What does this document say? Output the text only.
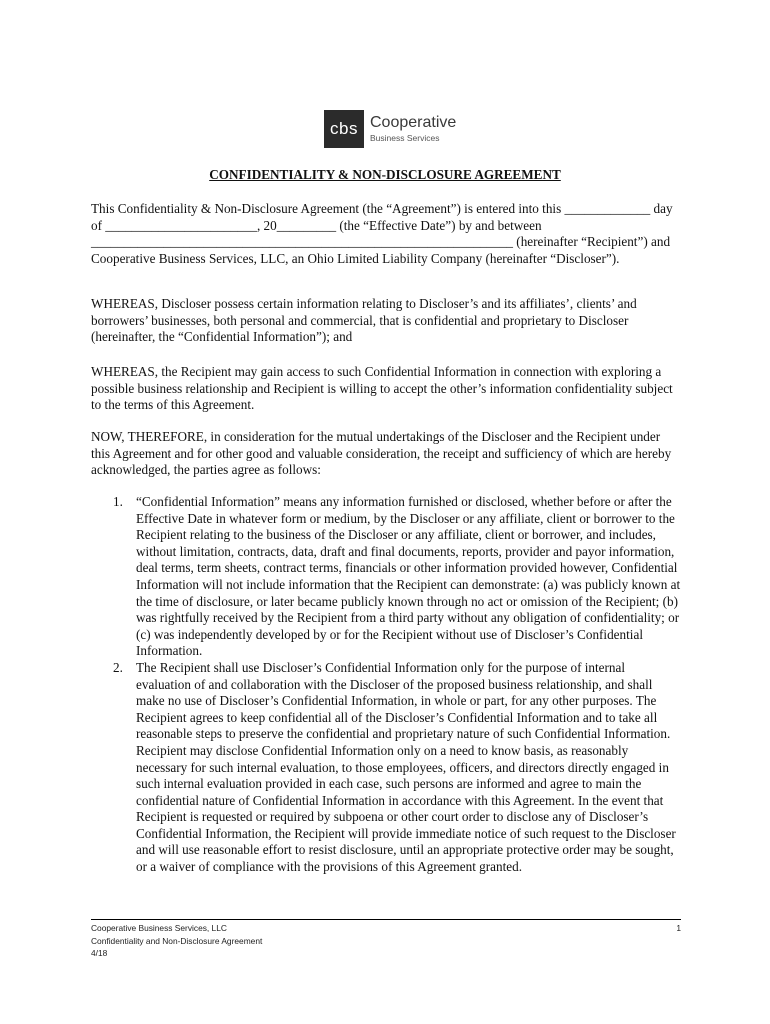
cbs Cooperative
Business Services
CONFIDENTIALITY & NON-DISCLOSURE AGREEMENT

This Confidentiality & Non-Disclosure Agreement (the “Agreement”) is entered into this _____________ day of _______________________, 20_________ (the “Effective Date”) by and between ________________________________________________________________ (hereinafter “Recipient”) and Cooperative Business Services, LLC, an Ohio Limited Liability Company (hereinafter “Discloser”).

WHEREAS, Discloser possess certain information relating to Discloser’s and its affiliates’, clients’ and borrowers’ businesses, both personal and commercial, that is confidential and proprietary to Discloser (hereinafter, the “Confidential Information”); and

WHEREAS, the Recipient may gain access to such Confidential Information in connection with exploring a possible business relationship and Recipient is willing to accept the other’s information confidentiality subject to the terms of this Agreement.

NOW, THEREFORE, in consideration for the mutual undertakings of the Discloser and the Recipient under this Agreement and for other good and valuable consideration, the receipt and sufficiency of which are hereby acknowledged, the parties agree as follows:

1. “Confidential Information” means any information furnished or disclosed, whether before or after the Effective Date in whatever form or medium, by the Discloser or any affiliate, client or borrower to the Recipient relating to the business of the Discloser or any affiliate, client or borrower, and includes, without limitation, contracts, data, draft and final documents, reports, provider and payor information, deal terms, term sheets, contract terms, financials or other information provided however, Confidential Information will not include information that the Recipient can demonstrate: (a) was publicly known at the time of disclosure, or later became publicly known through no act or omission of the Recipient; (b) was rightfully received by the Recipient from a third party without any obligation of confidentiality; or (c) was independently developed by or for the Recipient without use of Discloser’s Confidential Information.
2. The Recipient shall use Discloser’s Confidential Information only for the purpose of internal evaluation of and collaboration with the Discloser of the proposed business relationship, and shall make no use of Discloser’s Confidential Information, in whole or part, for any other purposes. The Recipient agrees to keep confidential all of the Discloser’s Confidential Information and to take all reasonable steps to preserve the confidential and proprietary nature of such Confidential Information. Recipient may disclose Confidential Information only on a need to know basis, as reasonably necessary for such internal evaluation, to those employees, officers, and directors directly engaged in such internal evaluation provided in each case, such persons are informed and agree to main the confidential nature of Confidential Information in accordance with this Agreement. In the event that Recipient is requested or required by subpoena or other court order to disclose any of Discloser’s Confidential Information, the Recipient will provide immediate notice of such request to the Discloser and will use reasonable effort to resist disclosure, until an appropriate protective order may be sought, or a waiver of compliance with the provisions of this Agreement granted.
Cooperative Business Services, LLC
Confidentiality and Non-Disclosure Agreement
4/18
1
